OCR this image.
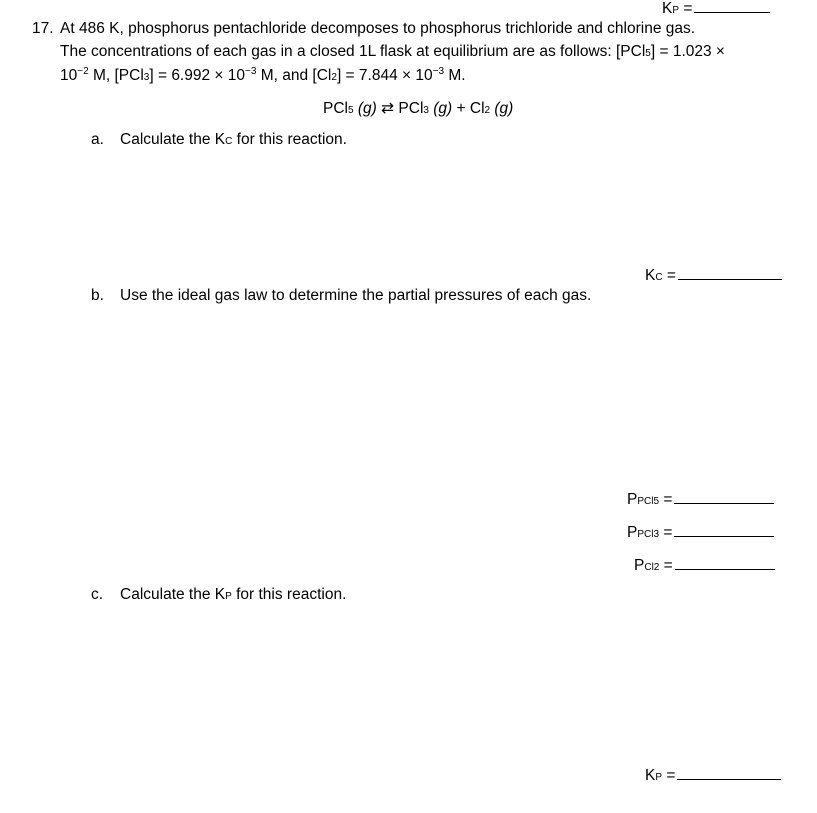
KP =
17. At 486 K, phosphorus pentachloride decomposes to phosphorus trichloride and chlorine gas.
The concentrations of each gas in a closed 1L flask at equilibrium are as follows: [PCl5] = 1.023 ×
$10^{-2}$ M, $[PCl3] = 6.992 \times 10^{-3}$ M, and $[Cl2] = 7.844 \times 10^{-3}$ M.
PCl5 (g) ⇄ PCl3 (g) + Cl2 (g)
a. Calculate the KC for this reaction.
KC =
b. Use the ideal gas law to determine the partial pressures of each gas.
PPCl5 =
PPCl3 =
PCl2 =
c. Calculate the KP for this reaction.
KP =
